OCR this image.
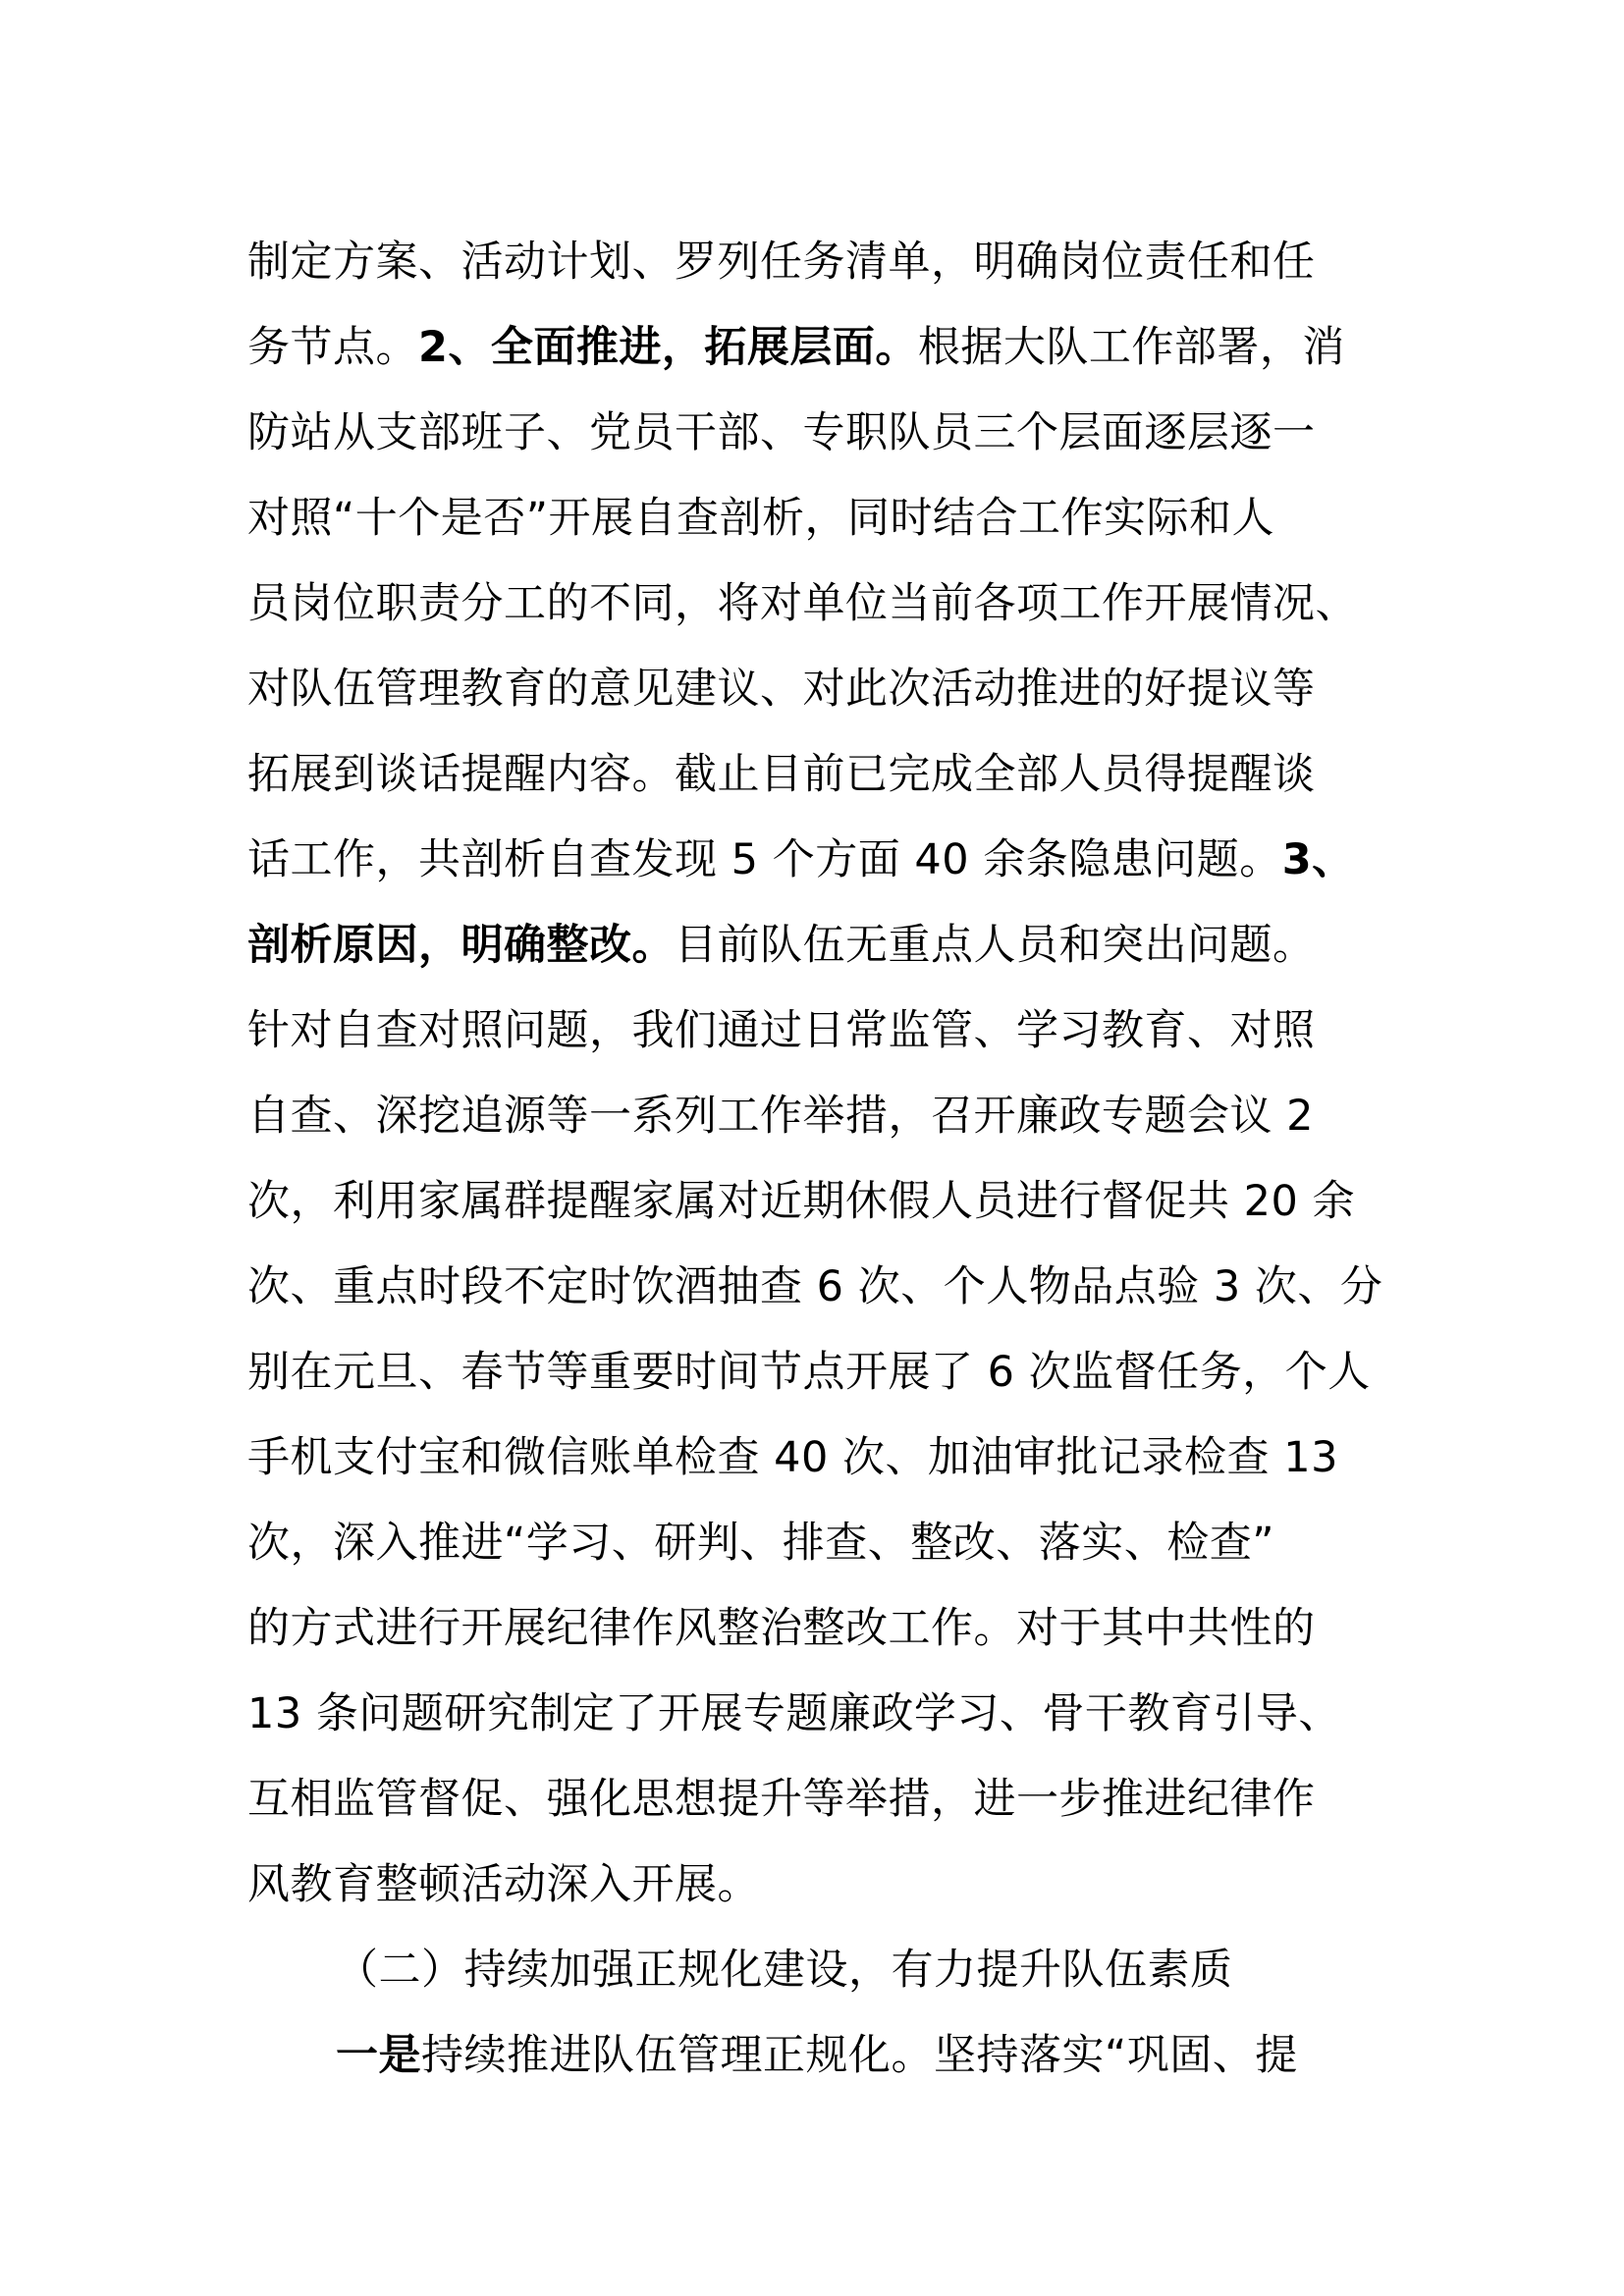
制定方案、活动计划、罗列任务清单，明确岗位责任和任
务节点。2、全面推进，拓展层面。根据大队工作部署，消
防站从支部班子、党员干部、专职队员三个层面逐层逐一
对照“十个是否”开展自查剖析，同时结合工作实际和人
员岗位职责分工的不同，将对单位当前各项工作开展情况、
对队伍管理教育的意见建议、对此次活动推进的好提议等
拓展到谈话提醒内容。截止目前已完成全部人员得提醒谈
话工作，共剖析自查发现 5 个方面 40 余条隐患问题。3、
剖析原因，明确整改。目前队伍无重点人员和突出问题。
针对自查对照问题，我们通过日常监管、学习教育、对照
自查、深挖追源等一系列工作举措，召开廉政专题会议 2
次，利用家属群提醒家属对近期休假人员进行督促共 20 余
次、重点时段不定时饮酒抽查 6 次、个人物品点验 3 次、分
别在元旦、春节等重要时间节点开展了 6 次监督任务，个人
手机支付宝和微信账单检查 40 次、加油审批记录检查 13
次，深入推进“学习、研判、排查、整改、落实、检查”
的方式进行开展纪律作风整治整改工作。对于其中共性的
13 条问题研究制定了开展专题廉政学习、骨干教育引导、
互相监管督促、强化思想提升等举措，进一步推进纪律作
风教育整顿活动深入开展。
（二）持续加强正规化建设，有力提升队伍素质
一是持续推进队伍管理正规化。坚持落实“巩固、提
